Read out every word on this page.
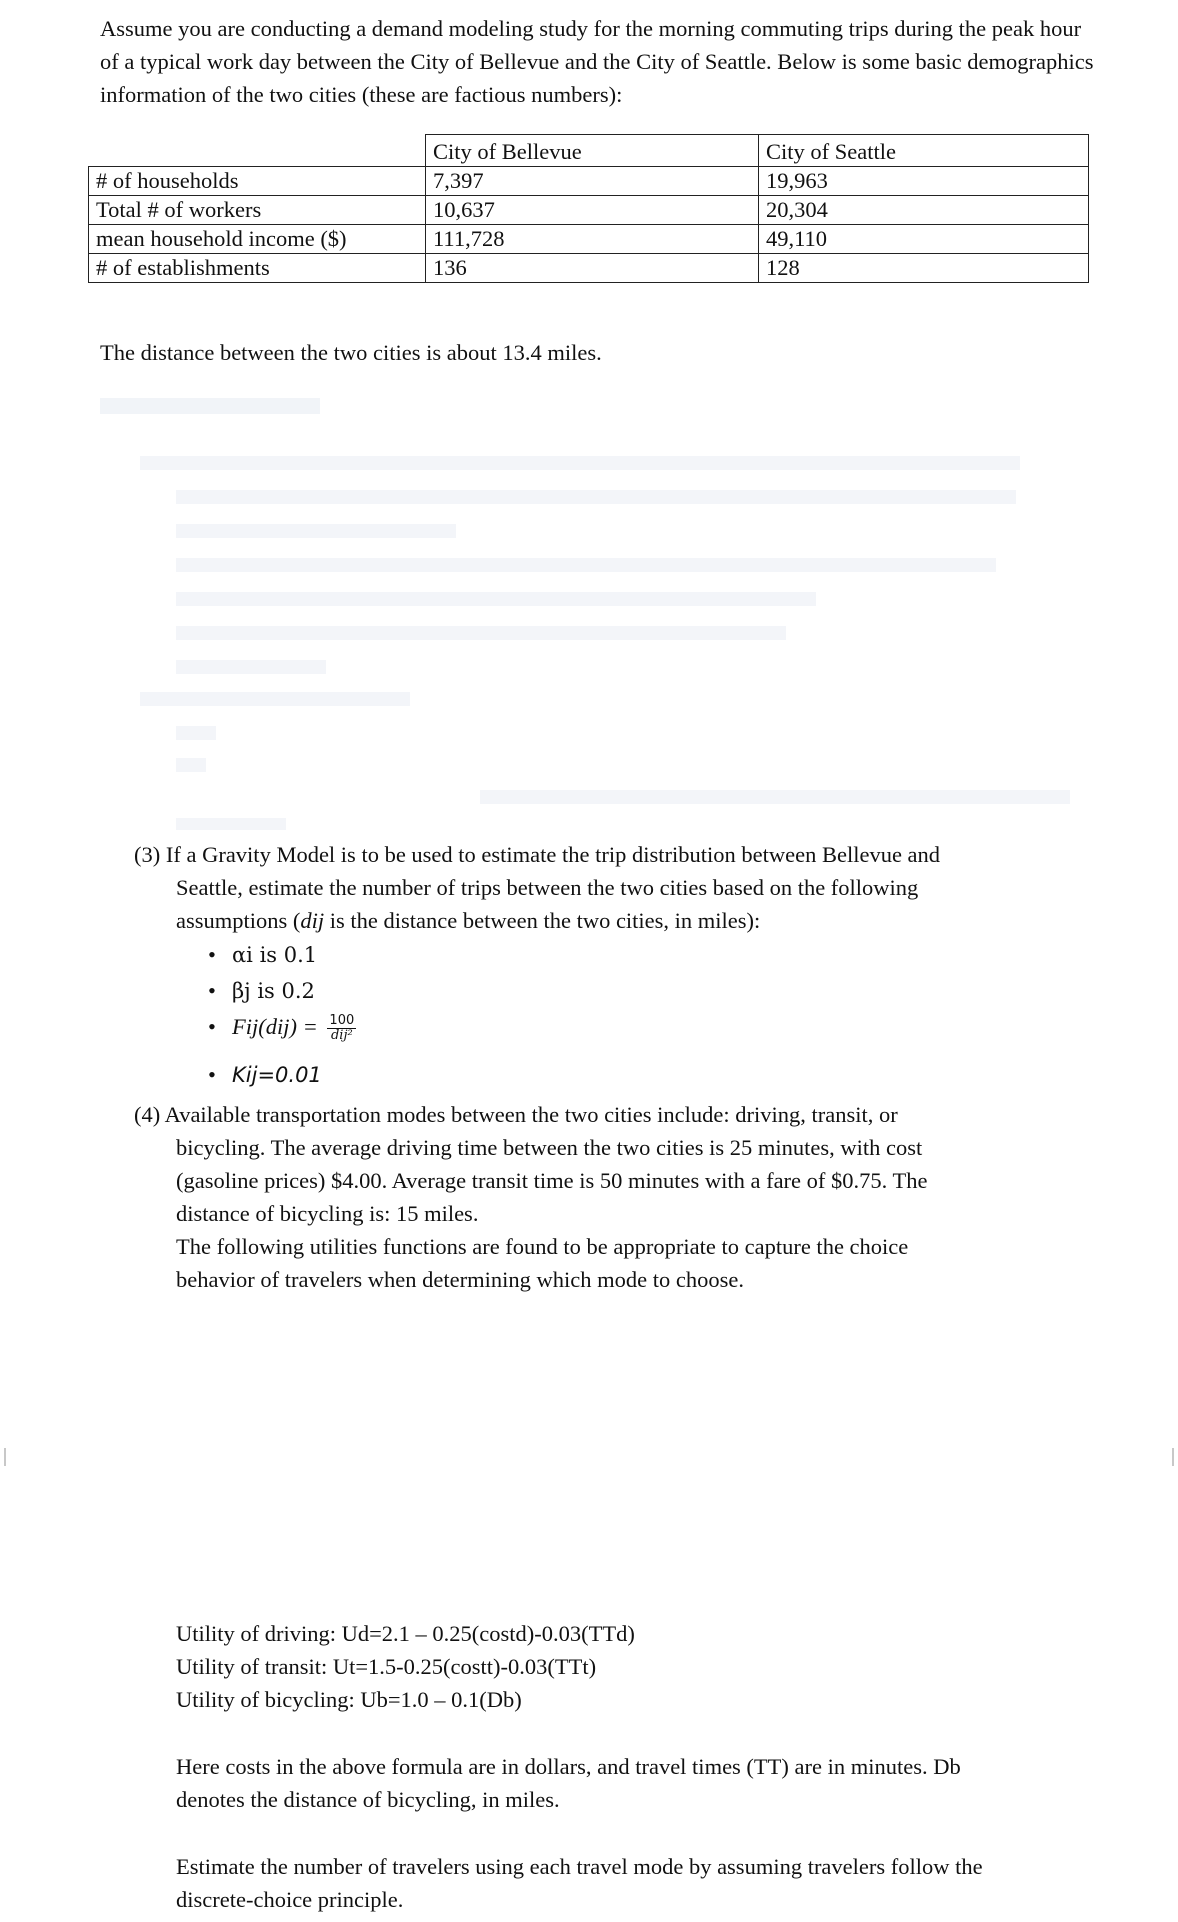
Assume you are conducting a demand modeling study for the morning commuting trips during the peak hour of a typical work day between the City of Bellevue and the City of Seattle. Below is some basic demographics information of the two cities (these are factious numbers):

	City of Bellevue	City of Seattle
# of households	7,397	19,963
Total # of workers	10,637	20,304
mean household income ($)	111,728	49,110
# of establishments	136	128

The distance between the two cities is about 13.4 miles.

(3) If a Gravity Model is to be used to estimate the trip distribution between Bellevue and
Seattle, estimate the number of trips between the two cities based on the following
assumptions (dij is the distance between the two cities, in miles):
• αi is 0.1
• βj is 0.2
• $Fij(dij) = \frac{100}{\text{dij²}}$
• Kij=0.01
(4) Available transportation modes between the two cities include: driving, transit, or
bicycling. The average driving time between the two cities is 25 minutes, with cost
(gasoline prices) $4.00. Average transit time is 50 minutes with a fare of $0.75. The
distance of bicycling is: 15 miles.
The following utilities functions are found to be appropriate to capture the choice
behavior of travelers when determining which mode to choose.
Utility of driving: Ud=2.1 – 0.25(costd)-0.03(TTd)
Utility of transit: Ut=1.5-0.25(costt)-0.03(TTt)
Utility of bicycling: Ub=1.0 – 0.1(Db)
Here costs in the above formula are in dollars, and travel times (TT) are in minutes. Db
denotes the distance of bicycling, in miles.
Estimate the number of travelers using each travel mode by assuming travelers follow the
discrete-choice principle.
